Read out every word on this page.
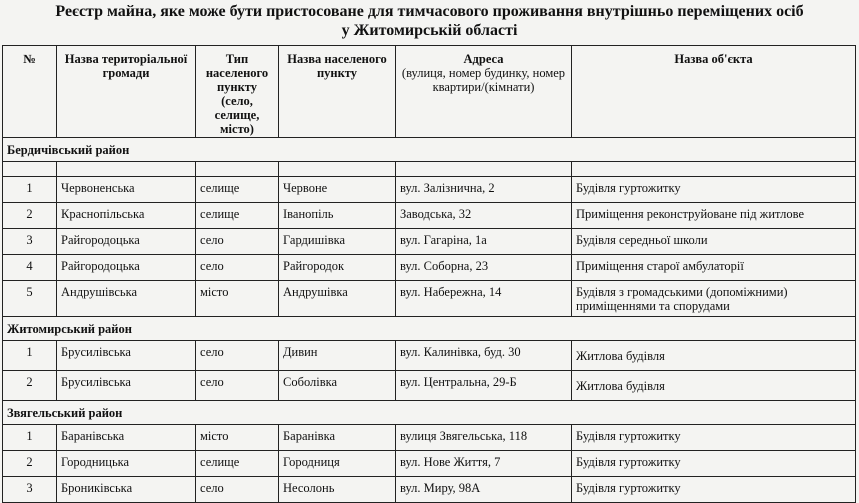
Реєстр майна, яке може бути пристосоване для тимчасового проживання внутрішньо переміщених осіб
у Житомирській області
№	Назва територіальної громади	Тип населеного пункту (село, селище, місто)	Назва населеного пункту	Адреса
(вулиця, номер будинку, номер квартири/(кімнати)	Назва об'єкта
Бердичівський район					

1	Червоненська	селище	Червоне	вул. Залізнична, 2	Будівля гуртожитку
2	Краснопільська	селище	Іванопіль	Заводська, 32	Приміщення реконструйоване під житлове
3	Райгородоцька	село	Гардишівка	вул. Гагаріна, 1а	Будівля середньої школи
4	Райгородоцька	село	Райгородок	вул. Соборна, 23	Приміщення старої амбулаторії
5	Андрушівська	місто	Андрушівка	вул. Набережна, 14	Будівля з громадськими (допоміжними) приміщеннями та спорудами
Житомирський район					
1	Брусилівська	село	Дивин	вул. Калинівка, буд. 30	Житлова будівля
2	Брусилівська	село	Соболівка	вул. Центральна, 29-Б	Житлова будівля
Звягельський район					
1	Баранівська	місто	Баранівка	вулиця Звягельська, 118	Будівля гуртожитку
2	Городницька	селище	Городниця	вул. Нове Життя, 7	Будівля гуртожитку
3	Брониківська	село	Несолонь	вул. Миру, 98А	Будівля гуртожитку
